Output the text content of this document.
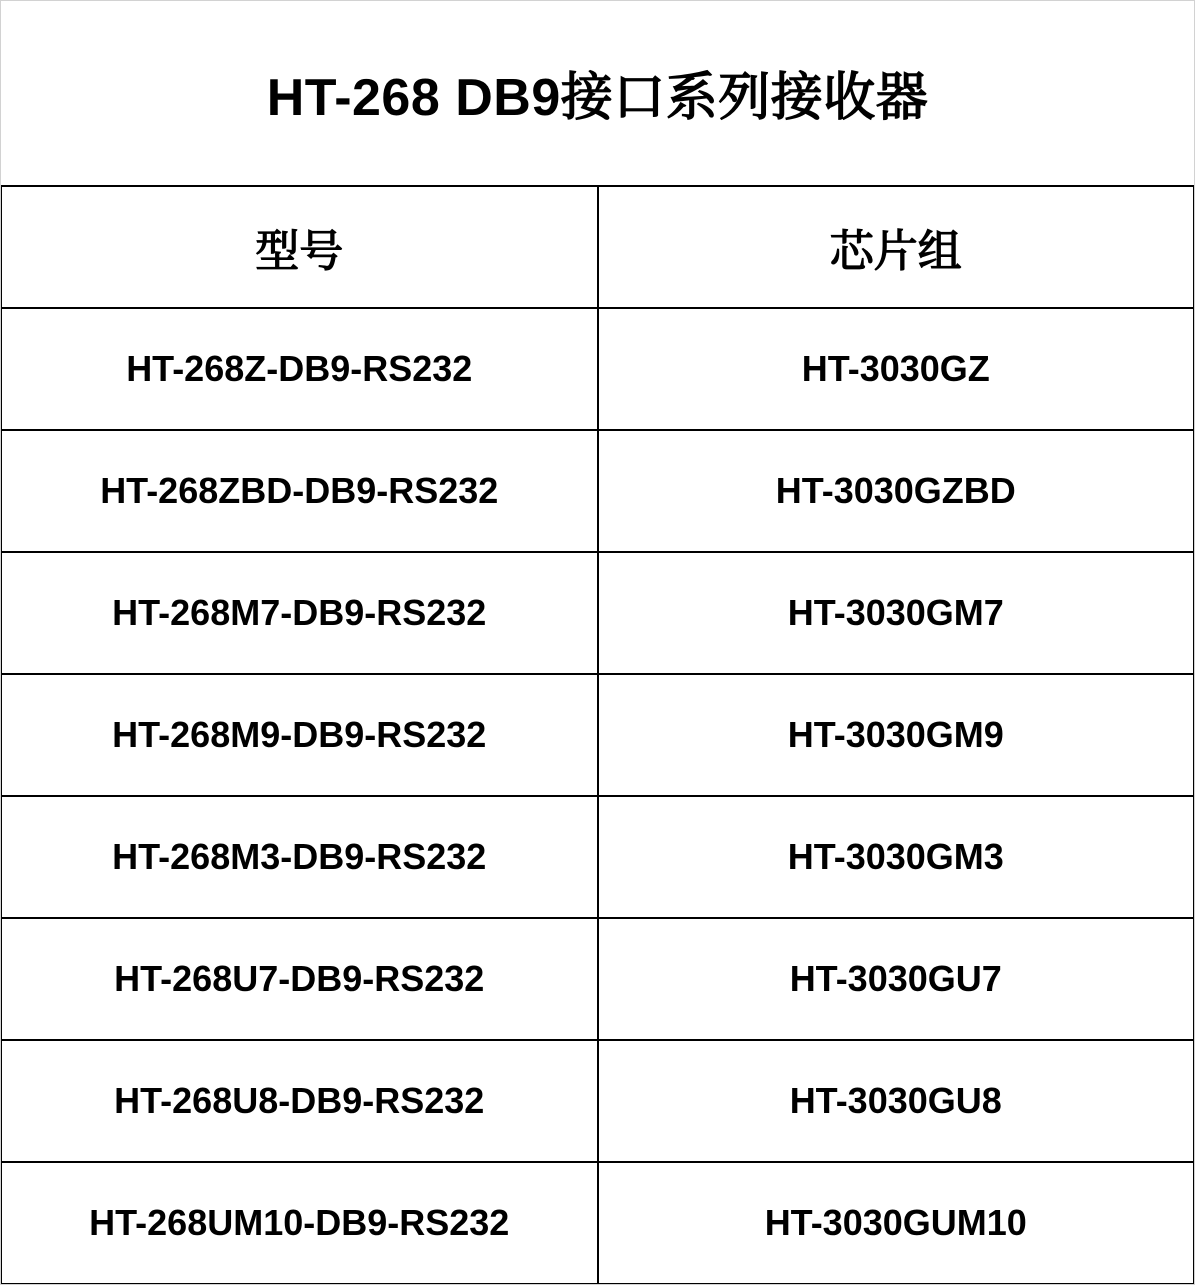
HT-268 DB9接口系列接收器
型号	芯片组
HT-268Z-DB9-RS232	HT-3030GZ
HT-268ZBD-DB9-RS232	HT-3030GZBD
HT-268M7-DB9-RS232	HT-3030GM7
HT-268M9-DB9-RS232	HT-3030GM9
HT-268M3-DB9-RS232	HT-3030GM3
HT-268U7-DB9-RS232	HT-3030GU7
HT-268U8-DB9-RS232	HT-3030GU8
HT-268UM10-DB9-RS232	HT-3030GUM10
